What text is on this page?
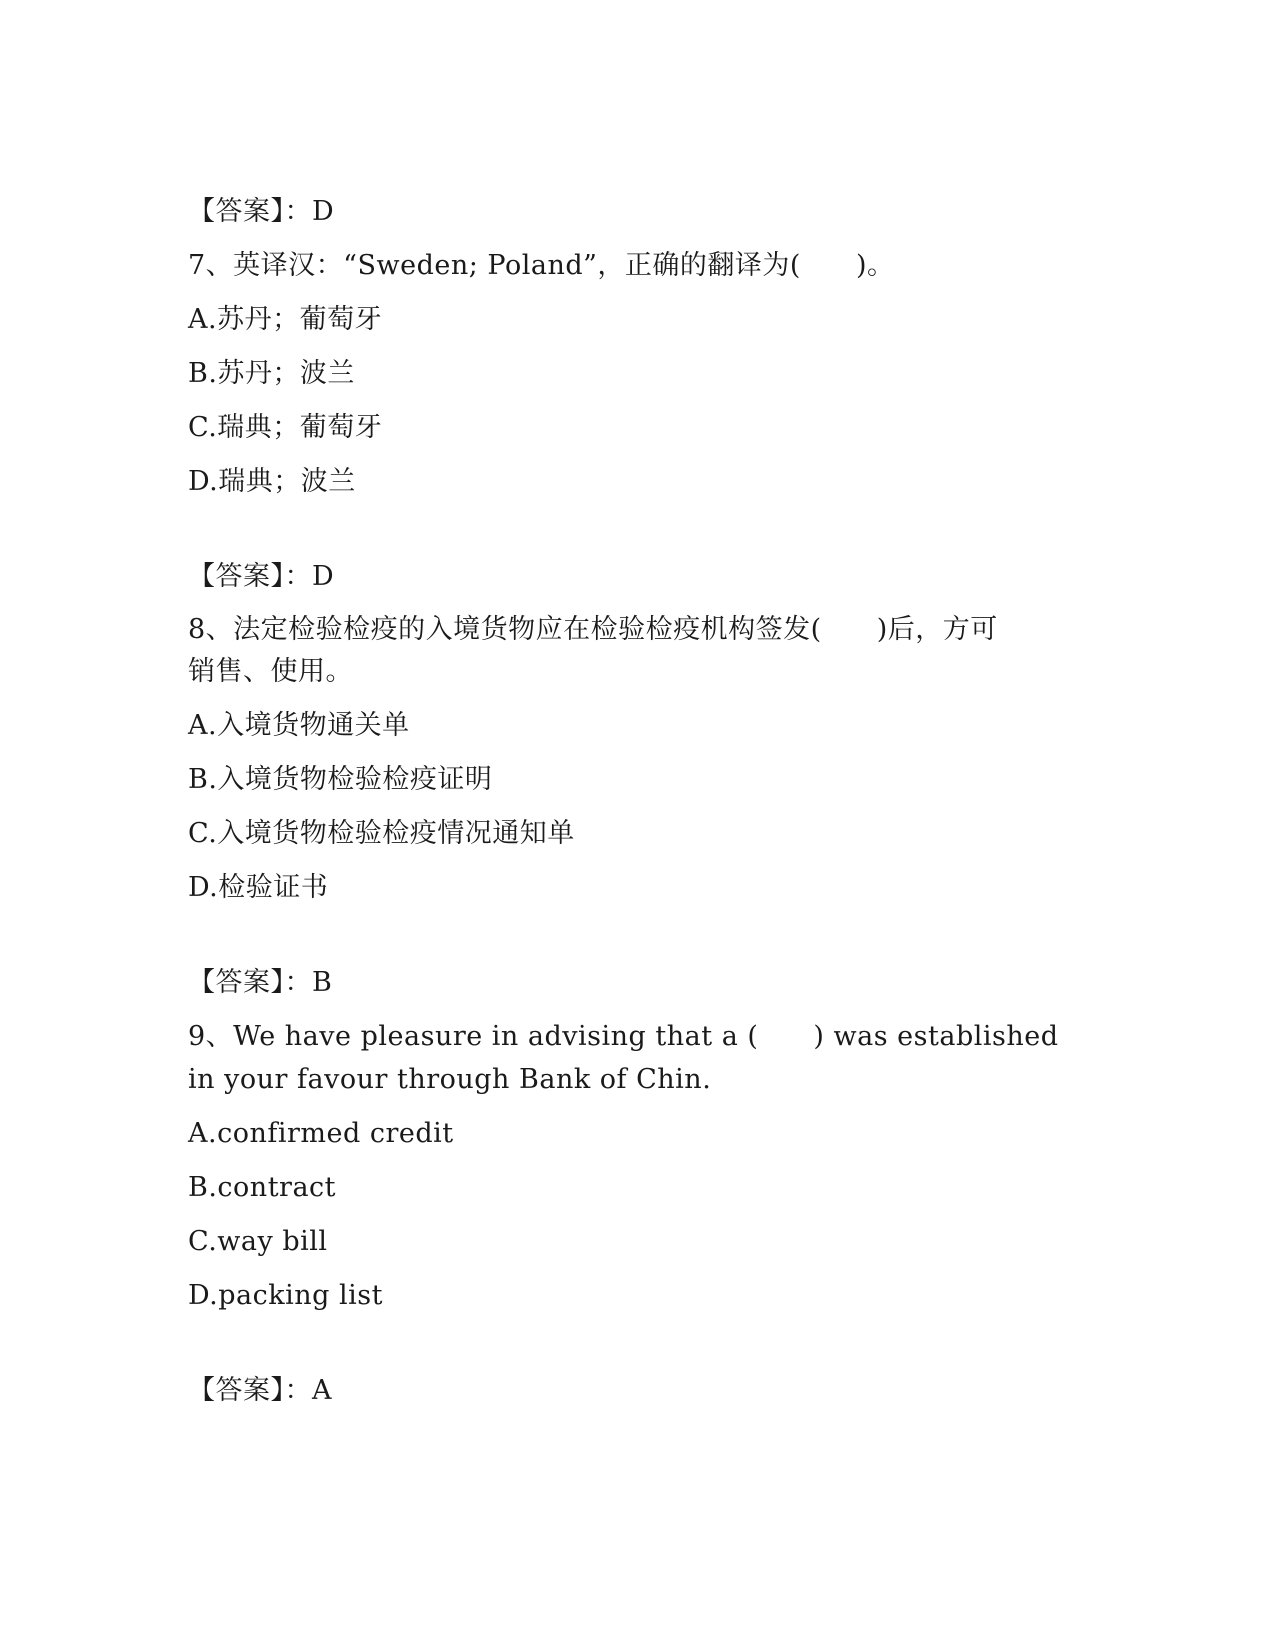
【答案】：D
7、英译汉：“Sweden; Poland”，正确的翻译为(　　)。
A.苏丹；葡萄牙
B.苏丹；波兰
C.瑞典；葡萄牙
D.瑞典；波兰
【答案】：D
8、法定检验检疫的入境货物应在检验检疫机构签发(　　)后，方可
销售、使用。
A.入境货物通关单
B.入境货物检验检疫证明
C.入境货物检验检疫情况通知单
D.检验证书
【答案】：B
9、We have pleasure in advising that a (　　) was established
in your favour through Bank of Chin.
A.confirmed credit
B.contract
C.way bill
D.packing list
【答案】：A
